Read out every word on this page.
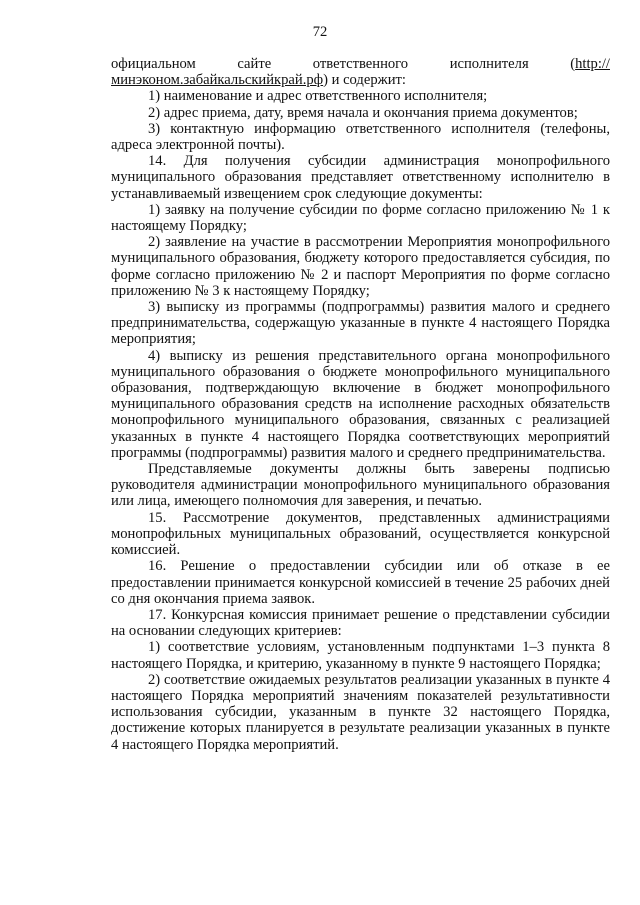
72

официальном сайте ответственного исполнителя (http://минэконом.забайкальскийкрай.рф) и содержит:

1) наименование и адрес ответственного исполнителя;

2) адрес приема, дату, время начала и окончания приема документов;

3) контактную информацию ответственного исполнителя (телефоны, адреса электронной почты).

14. Для получения субсидии администрация монопрофильного муниципального образования представляет ответственному исполнителю в устанавливаемый извещением срок следующие документы:

1) заявку на получение субсидии по форме согласно приложению № 1 к настоящему Порядку;

2) заявление на участие в рассмотрении Мероприятия монопрофильного муниципального образования, бюджету которого предоставляется субсидия, по форме согласно приложению № 2 и паспорт Мероприятия по форме согласно приложению № 3 к настоящему Порядку;

3) выписку из программы (подпрограммы) развития малого и среднего предпринимательства, содержащую указанные в пункте 4 настоящего Порядка мероприятия;

4) выписку из решения представительного органа монопрофильного муниципального образования о бюджете монопрофильного муниципального образования, подтверждающую включение в бюджет монопрофильного муниципального образования средств на исполнение расходных обязательств монопрофильного муниципального образования, связанных с реализацией указанных в пункте 4 настоящего Порядка соответствующих мероприятий программы (подпрограммы) развития малого и среднего предпринимательства.

Представляемые документы должны быть заверены подписью руководителя администрации монопрофильного муниципального образования или лица, имеющего полномочия для заверения, и печатью.

15. Рассмотрение документов, представленных администрациями монопрофильных муниципальных образований, осуществляется конкурсной комиссией.

16. Решение о предоставлении субсидии или об отказе в ее предоставлении принимается конкурсной комиссией в течение 25 рабочих дней со дня окончания приема заявок.

17. Конкурсная комиссия принимает решение о представлении субсидии на основании следующих критериев:

1) соответствие условиям, установленным подпунктами 1–3 пункта 8 настоящего Порядка, и критерию, указанному в пункте 9 настоящего Порядка;

2) соответствие ожидаемых результатов реализации указанных в пункте 4 настоящего Порядка мероприятий значениям показателей результативности использования субсидии, указанным в пункте 32 настоящего Порядка, достижение которых планируется в результате реализации указанных в пункте 4 настоящего Порядка мероприятий.
